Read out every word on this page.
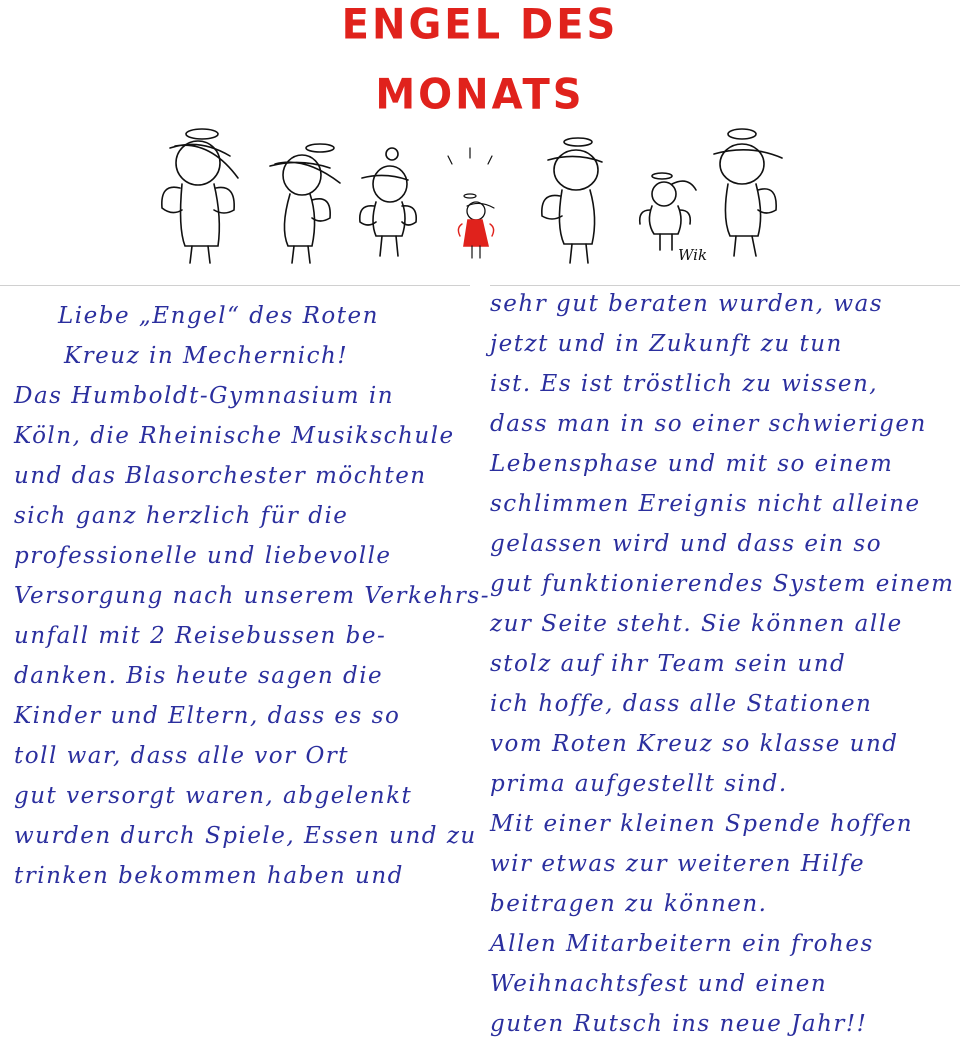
ENGEL DES
MONATS
Wik
Liebe „Engel“ des Roten
Kreuz in Mechernich!
Das Humboldt-Gymnasium in
Köln, die Rheinische Musikschule
und das Blasorchester möchten
sich ganz herzlich für die
professionelle und liebevolle
Versorgung nach unserem Verkehrs-
unfall mit 2 Reisebussen be-
danken. Bis heute sagen die
Kinder und Eltern, dass es so
toll war, dass alle vor Ort
gut versorgt waren, abgelenkt
wurden durch Spiele, Essen und zu
trinken bekommen haben und
sehr gut beraten wurden, was
jetzt und in Zukunft zu tun
ist. Es ist tröstlich zu wissen,
dass man in so einer schwierigen
Lebensphase und mit so einem
schlimmen Ereignis nicht alleine
gelassen wird und dass ein so
gut funktionierendes System einem
zur Seite steht. Sie können alle
stolz auf ihr Team sein und
ich hoffe, dass alle Stationen
vom Roten Kreuz so klasse und
prima aufgestellt sind.
Mit einer kleinen Spende hoffen
wir etwas zur weiteren Hilfe
beitragen zu können.
Allen Mitarbeitern ein frohes
Weihnachtsfest und einen
guten Rutsch ins neue Jahr!!
